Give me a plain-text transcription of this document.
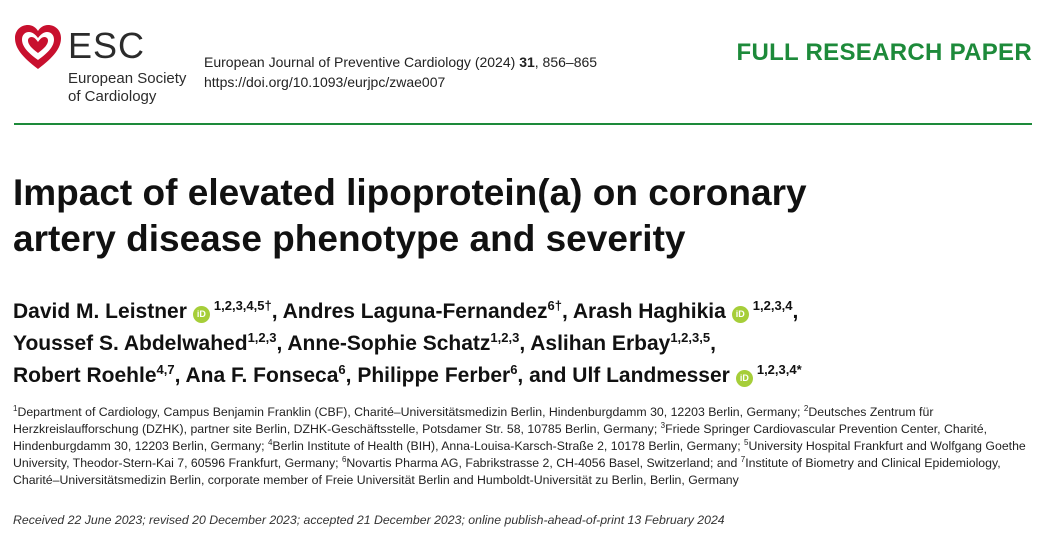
ESC
European Society
of Cardiology
European Journal of Preventive Cardiology (2024) 31, 856–865
https://doi.org/10.1093/eurjpc/zwae007
FULL RESEARCH PAPER
Impact of elevated lipoprotein(a) on coronary
artery disease phenotype and severity
David M. Leistner $iD^{1,2,3,4,5\dagger}$, Andres Laguna-Fernandez$^{6\dagger}$, Arash Haghikia iD$^{1,2,3,4}$,
Youssef S. Abdelwahed$^{1,2,3}$, Anne-Sophie Schatz$^{1,2,3}$, Aslihan Erbay$^{1,2,3,5}$,
Robert Roehle$^{4,7}$, Ana F. Fonseca$^6$, Philippe Ferber$^6$, and Ulf Landmesser $iD^{1,2,3,4*}$
$^1$Department of Cardiology, Campus Benjamin Franklin (CBF), Charité–Universitätsmedizin Berlin, Hindenburgdamm 30, 12203 Berlin, Germany; $^2$Deutsches Zentrum für Herzkreislaufforschung (DZHK), partner site Berlin, DZHK-Geschäftsstelle, Potsdamer Str. 58, 10785 Berlin, Germany; $^3$Friede Springer Cardiovascular Prevention Center, Charité, Hindenburgdamm 30, 12203 Berlin, Germany; $^4$Berlin Institute of Health (BIH), Anna-Louisa-Karsch-Straße 2, 10178 Berlin, Germany; $^5$University Hospital Frankfurt and Wolfgang Goethe University, Theodor-Stern-Kai 7, 60596 Frankfurt, Germany; $^6$Novartis Pharma AG, Fabrikstrasse 2, CH-4056 Basel, Switzerland; and $^7$Institute of Biometry and Clinical Epidemiology, Charité–Universitätsmedizin Berlin, corporate member of Freie Universität Berlin and Humboldt-Universität zu Berlin, Berlin, Germany
Received 22 June 2023; revised 20 December 2023; accepted 21 December 2023; online publish-ahead-of-print 13 February 2024
